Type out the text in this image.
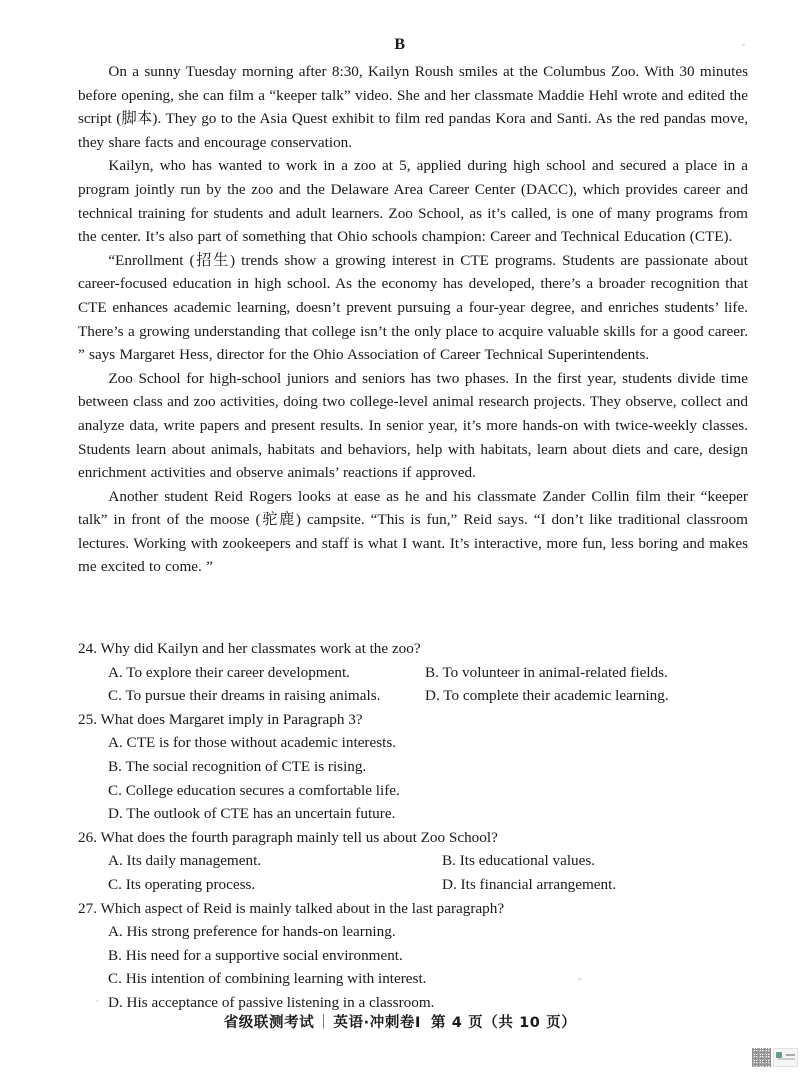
B

On a sunny Tuesday morning after 8:30, Kailyn Roush smiles at the Columbus Zoo. With 30 minutes before opening, she can film a “keeper talk” video. She and her classmate Maddie Hehl wrote and edited the script (脚本). They go to the Asia Quest exhibit to film red pandas Kora and Santi. As the red pandas move, they share facts and encourage conservation.

Kailyn, who has wanted to work in a zoo at 5, applied during high school and secured a place in a program jointly run by the zoo and the Delaware Area Career Center (DACC), which provides career and technical training for students and adult learners. Zoo School, as it’s called, is one of many programs from the center. It’s also part of something that Ohio schools champion: Career and Technical Education (CTE).

“Enrollment (招生) trends show a growing interest in CTE programs. Students are passionate about career-focused education in high school. As the economy has developed, there’s a broader recognition that CTE enhances academic learning, doesn’t prevent pursuing a four-year degree, and enriches students’ life. There’s a growing understanding that college isn’t the only place to acquire valuable skills for a good career. ” says Margaret Hess, director for the Ohio Association of Career Technical Superintendents.

Zoo School for high-school juniors and seniors has two phases. In the first year, students divide time between class and zoo activities, doing two college-level animal research projects. They observe, collect and analyze data, write papers and present results. In senior year, it’s more hands-on with twice-weekly classes. Students learn about animals, habitats and behaviors, help with habitats, learn about diets and care, design enrichment activities and observe animals’ reactions if approved.

Another student Reid Rogers looks at ease as he and his classmate Zander Collin film their “keeper talk” in front of the moose (驼鹿) campsite. “This is fun,” Reid says. “I don’t like traditional classroom lectures. Working with zookeepers and staff is what I want. It’s interactive, more fun, less boring and makes me excited to come. ”

24. Why did Kailyn and her classmates work at the zoo?

A. To explore their career development.	B. To volunteer in animal-related fields.
C. To pursue their dreams in raising animals.	D. To complete their academic learning.

25. What does Margaret imply in Paragraph 3?

A. CTE is for those without academic interests.

B. The social recognition of CTE is rising.

C. College education secures a comfortable life.

D. The outlook of CTE has an uncertain future.

26. What does the fourth paragraph mainly tell us about Zoo School?

A. Its daily management.	B. Its educational values.
C. Its operating process.	D. Its financial arrangement.

27. Which aspect of Reid is mainly talked about in the last paragraph?

A. His strong preference for hands-on learning.

B. His need for a supportive social environment.

C. His intention of combining learning with interest.

D. His acceptance of passive listening in a classroom.

省级联测考试 ｜ 英语·冲刺卷Ⅰ 第 4 页（共 10 页）
